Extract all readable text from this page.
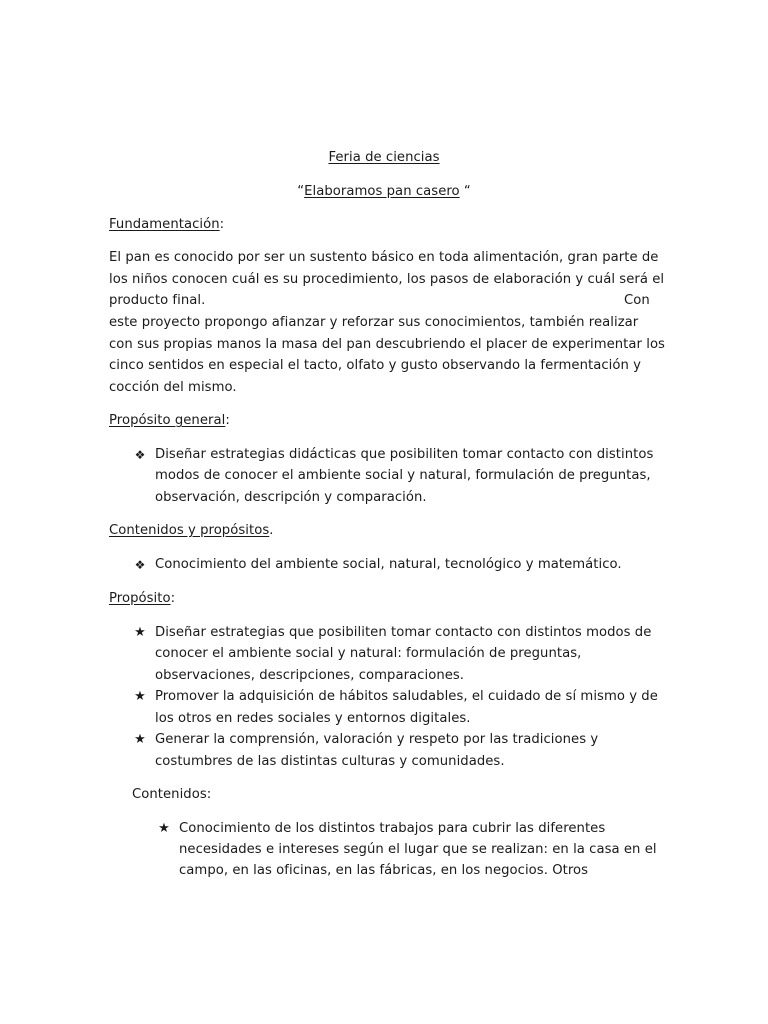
Feria de ciencias
“Elaboramos pan casero “
Fundamentación:
El pan es conocido por ser un sustento básico en toda alimentación, gran parte de
los niños conocen cuál es su procedimiento, los pasos de elaboración y cuál será el
producto final.	Con
este proyecto propongo afianzar y reforzar sus conocimientos, también realizar
con sus propias manos la masa del pan descubriendo el placer de experimentar los
cinco sentidos en especial el tacto, olfato y gusto observando la fermentación y
cocción del mismo.
Propósito general:
❖ Diseñar estrategias didácticas que posibiliten tomar contacto con distintos
modos de conocer el ambiente social y natural, formulación de preguntas,
observación, descripción y comparación.
Contenidos y propósitos.
❖ Conocimiento del ambiente social, natural, tecnológico y matemático.
Propósito:
★ Diseñar estrategias que posibiliten tomar contacto con distintos modos de
conocer el ambiente social y natural: formulación de preguntas,
observaciones, descripciones, comparaciones.
★ Promover la adquisición de hábitos saludables, el cuidado de sí mismo y de
los otros en redes sociales y entornos digitales.
★ Generar la comprensión, valoración y respeto por las tradiciones y
costumbres de las distintas culturas y comunidades.
Contenidos:
★ Conocimiento de los distintos trabajos para cubrir las diferentes
necesidades e intereses según el lugar que se realizan: en la casa en el
campo, en las oficinas, en las fábricas, en los negocios. Otros
